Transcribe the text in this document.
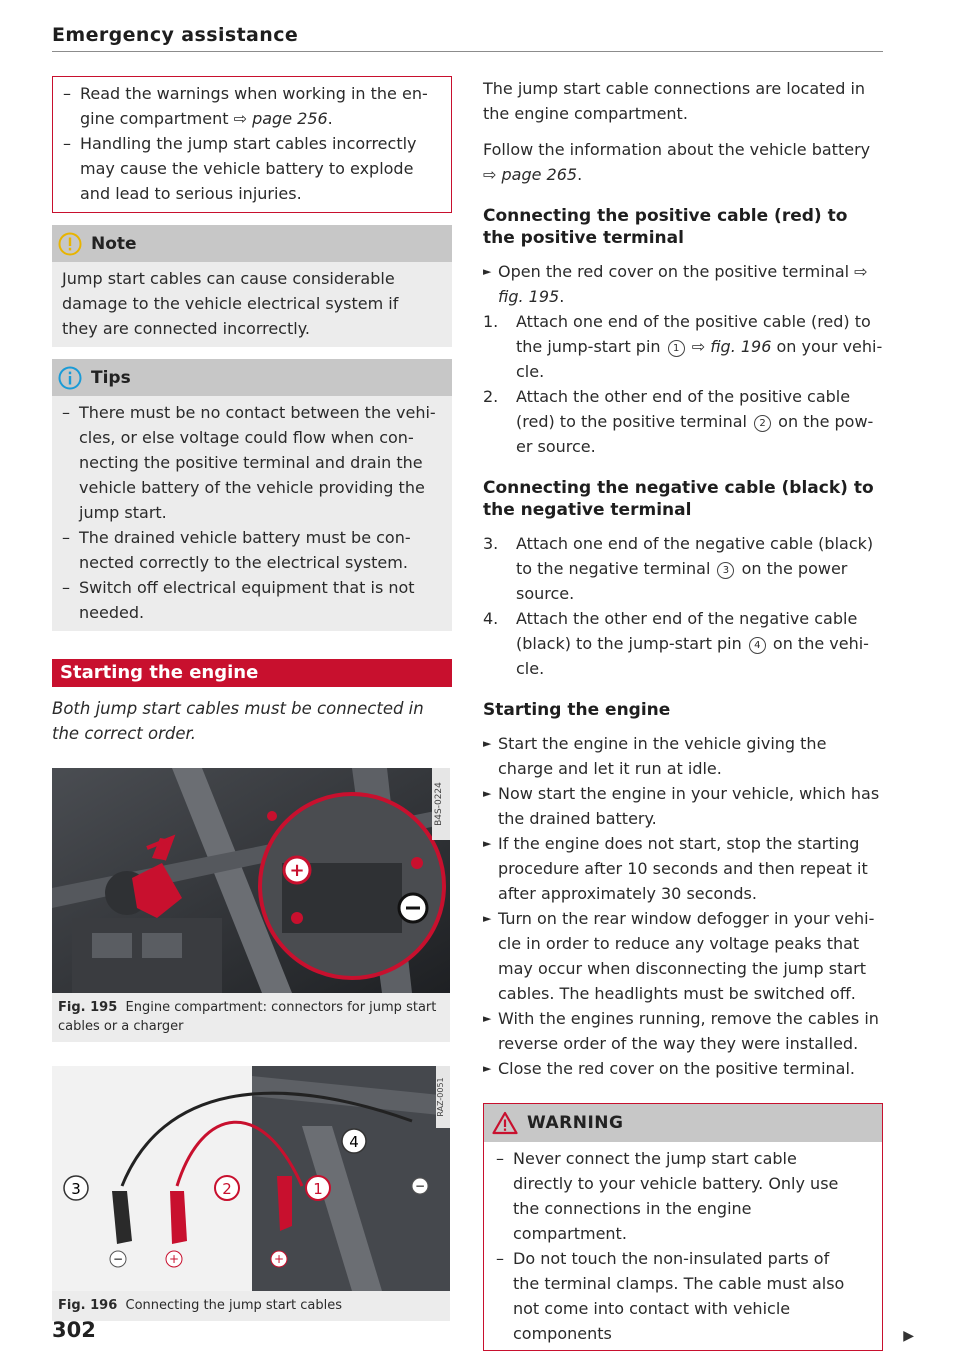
Emergency assistance
– Read the warnings when working in the engine compartment ⇨ page 256.
– Handling the jump start cables incorrectly may cause the vehicle battery to explode and lead to serious injuries.
Note
Jump start cables can cause considerable damage to the vehicle electrical system if they are connected incorrectly.
Tips
– There must be no contact between the vehicles, or else voltage could flow when connecting the positive terminal and drain the vehicle battery of the vehicle providing the jump start.
– The drained vehicle battery must be connected correctly to the electrical system.
– Switch off electrical equipment that is not needed.
Starting the engine
Both jump start cables must be connected in the correct order.
+
B4S-0224
Fig. 195 Engine compartment: connectors for jump start cables or a charger
3	2	1
4
−	+	+
−
RAZ-0051
Fig. 196 Connecting the jump start cables
302
The jump start cable connections are located in the engine compartment.
Follow the information about the vehicle battery ⇨ page 265.
Connecting the positive cable (red) to the positive terminal
► Open the red cover on the positive terminal ⇨ fig. 195.
1. Attach one end of the positive cable (red) to the jump-start pin 1 ⇨ fig. 196 on your vehicle.
2. Attach the other end of the positive cable (red) to the positive terminal 2 on the power source.
Connecting the negative cable (black) to the negative terminal
3. Attach one end of the negative cable (black) to the negative terminal 3 on the power source.
4. Attach the other end of the negative cable (black) to the jump-start pin 4 on the vehicle.
Starting the engine
► Start the engine in the vehicle giving the charge and let it run at idle.
► Now start the engine in your vehicle, which has the drained battery.
► If the engine does not start, stop the starting procedure after 10 seconds and then repeat it after approximately 30 seconds.
► Turn on the rear window defogger in your vehicle in order to reduce any voltage peaks that may occur when disconnecting the jump start cables. The headlights must be switched off.
► With the engines running, remove the cables in reverse order of the way they were installed.
► Close the red cover on the positive terminal.
WARNING
– Never connect the jump start cable directly to your vehicle battery. Only use the connections in the engine compartment.
– Do not touch the non-insulated parts of the terminal clamps. The cable must also not come into contact with vehicle components	▶
